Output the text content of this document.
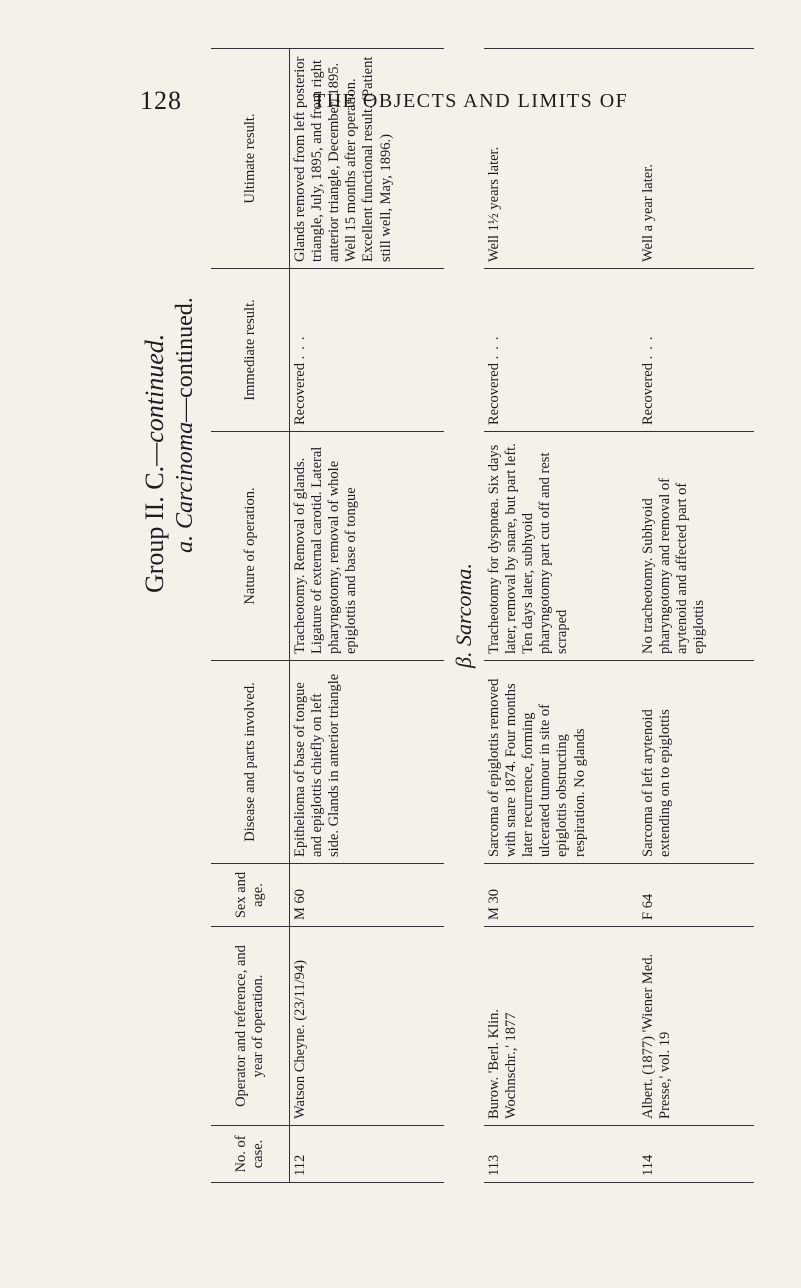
128	THE OBJECTS AND LIMITS OF
Group II. C.—continued.
a. Carcinoma—continued.
No. of case.	Operator and reference, and year of operation.	Sex and age.	Disease and parts involved.	Nature of operation.	Immediate result.	Ultimate result.
112	Watson Cheyne. (23/11/94)	M 60	Epithelioma of base of tongue and epiglottis chiefly on left side. Glands in anterior triangle	Tracheotomy. Removal of glands. Ligature of external carotid. Lateral pharyngotomy, removal of whole epiglottis and base of tongue	Recovered ...	Glands removed from left posterior triangle, July, 1895, and from right anterior triangle, December, 1895. Well 15 months after operation. Excellent functional result. (Patient still well, May, 1896.)
β. Sarcoma.						
113	Burow. 'Berl. Klin. Wochnschr.,' 1877	M 30	Sarcoma of epiglottis removed with snare 1874. Four months later recurrence, forming ulcerated tumour in site of epiglottis obstructing respiration. No glands	Tracheotomy for dyspnœa. Six days later, removal by snare, but part left. Ten days later, subhyoid pharyngotomy part cut off and rest scraped	Recovered ...	Well 1½ years later.
114	Albert. (1877) 'Wiener Med. Presse,' vol. 19	F 64	Sarcoma of left arytenoid extending on to epiglottis	No tracheotomy. Subhyoid pharyngotomy and removal of arytenoid and affected part of epiglottis	Recovered ...	Well a year later.
